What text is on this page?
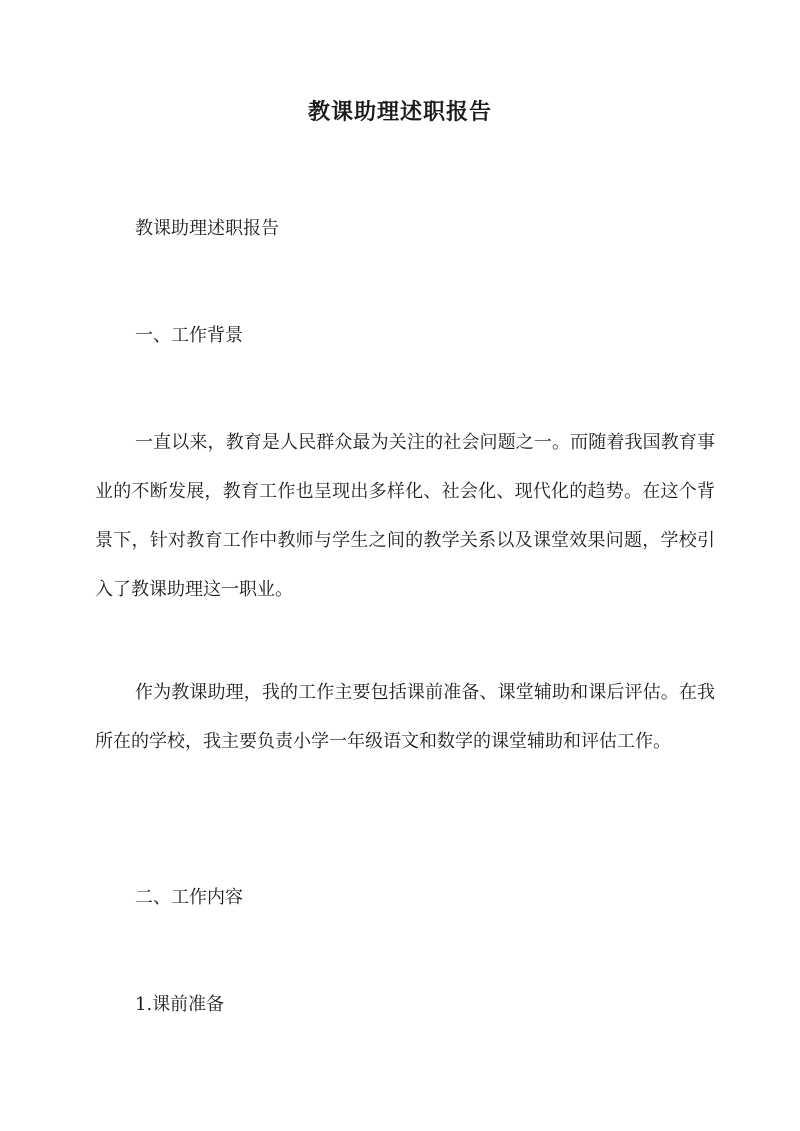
教课助理述职报告
教课助理述职报告
一、工作背景

一直以来，教育是人民群众最为关注的社会问题之一。而随着我国教育事业的不断发展，教育工作也呈现出多样化、社会化、现代化的趋势。在这个背景下，针对教育工作中教师与学生之间的教学关系以及课堂效果问题，学校引入了教课助理这一职业。

作为教课助理，我的工作主要包括课前准备、课堂辅助和课后评估。在我所在的学校，我主要负责小学一年级语文和数学的课堂辅助和评估工作。

二、工作内容
1.课前准备
